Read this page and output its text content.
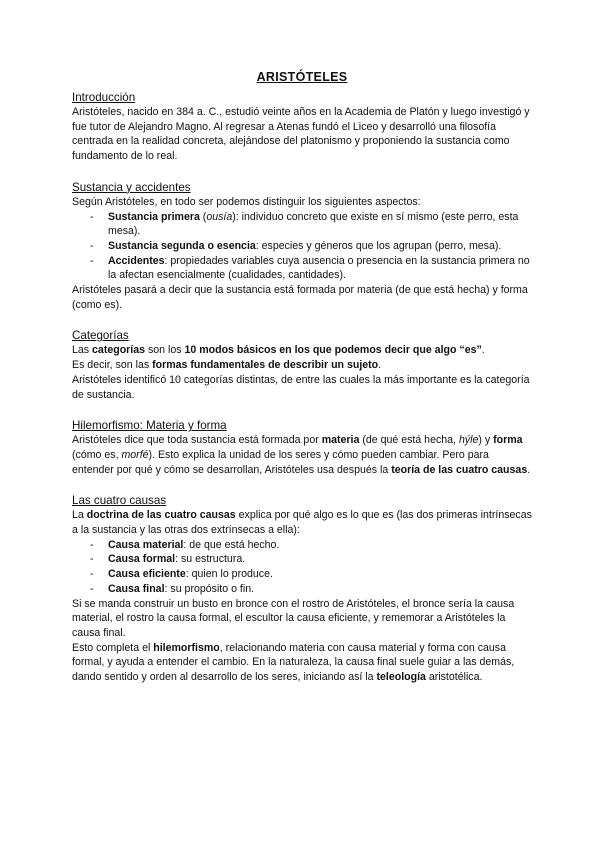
ARISTÓTELES
Introducción

Aristóteles, nacido en 384 a. C., estudió veinte años en la Academia de Platón y luego investigó y fue tutor de Alejandro Magno. Al regresar a Atenas fundó el Liceo y desarrolló una filosofía centrada en la realidad concreta, alejándose del platonismo y proponiendo la sustancia como fundamento de lo real.

Sustancia y accidentes

Según Aristóteles, en todo ser podemos distinguir los siguientes aspectos:

- Sustancia primera (ousía): individuo concreto que existe en sí mismo (este perro, esta mesa).
- Sustancia segunda o esencia: especies y géneros que los agrupan (perro, mesa).
- Accidentes: propiedades variables cuya ausencia o presencia en la sustancia primera no la afectan esencialmente (cualidades, cantidades).

Aristóteles pasará a decir que la sustancia está formada por materia (de que está hecha) y forma (como es).

Categorías

Las categorías son los 10 modos básicos en los que podemos decir que algo “es”.

Es decir, son las formas fundamentales de describir un sujeto.

Aristóteles identificó 10 categorías distintas, de entre las cuales la más importante es la categoría de sustancia.

Hilemorfismo: Materia y forma

Aristóteles dice que toda sustancia está formada por materia (de qué está hecha, hýle) y forma (cómo es, morfé). Esto explica la unidad de los seres y cómo pueden cambiar. Pero para entender por qué y cómo se desarrollan, Aristóteles usa después la teoría de las cuatro causas.

Las cuatro causas

La doctrina de las cuatro causas explica por qué algo es lo que es (las dos primeras intrínsecas a la sustancia y las otras dos extrínsecas a ella):

- Causa material: de que está hecho.
- Causa formal: su estructura.
- Causa eficiente: quien lo produce.
- Causa final: su propósito o fin.

Si se manda construir un busto en bronce con el rostro de Aristóteles, el bronce sería la causa material, el rostro la causa formal, el escultor la causa eficiente, y rememorar a Aristóteles la causa final.

Esto completa el hilemorfismo, relacionando materia con causa material y forma con causa formal, y ayuda a entender el cambio. En la naturaleza, la causa final suele guiar a las demás, dando sentido y orden al desarrollo de los seres, iniciando así la teleología aristotélica.
